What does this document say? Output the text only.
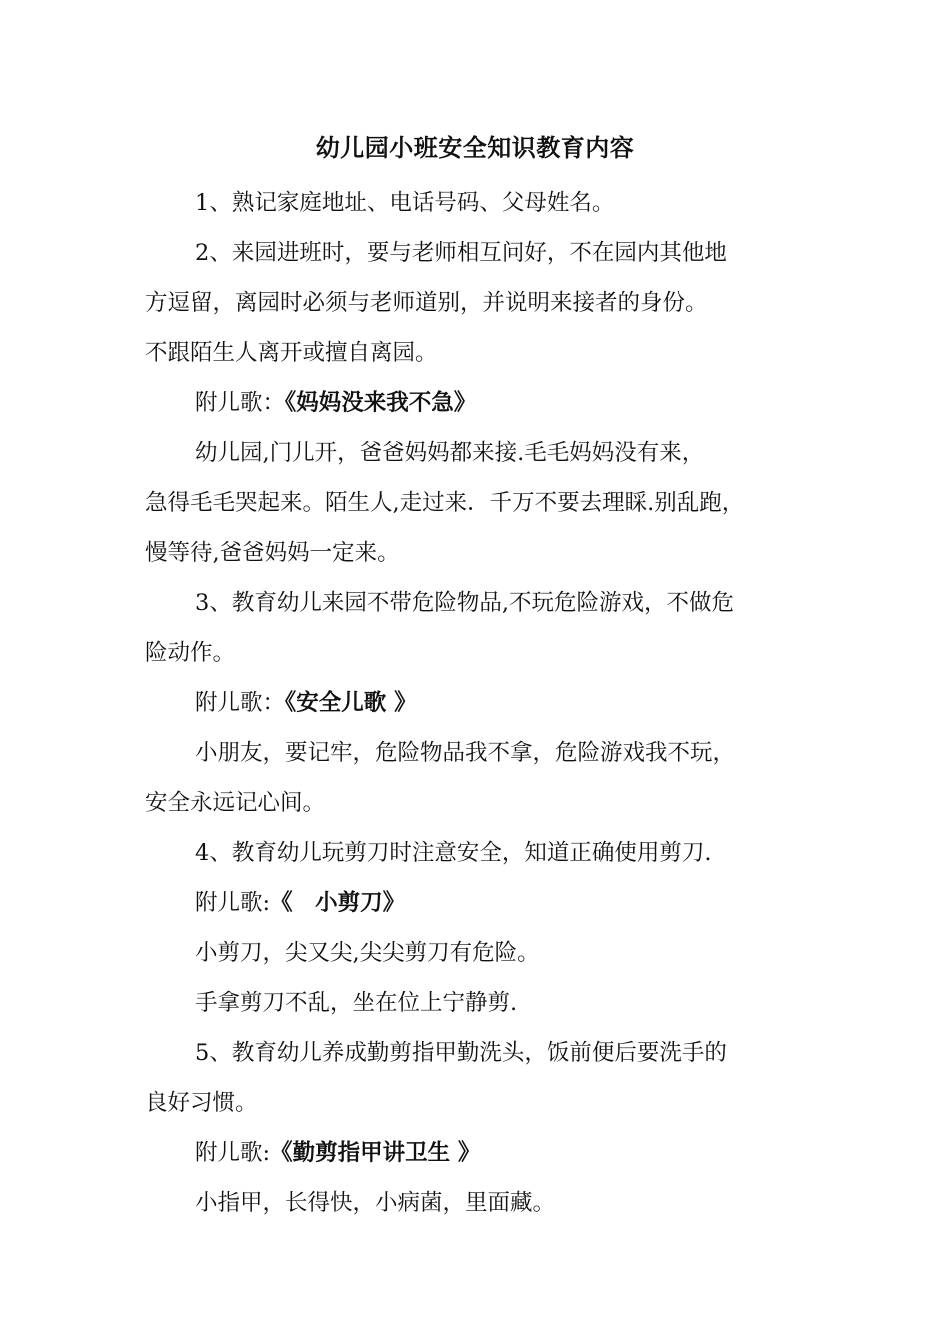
幼儿园小班安全知识教育内容

1、熟记家庭地址、电话号码、父母姓名。

2、来园进班时，要与老师相互问好，不在园内其他地

方逗留，离园时必须与老师道别，并说明来接者的身份。

不跟陌生人离开或擅自离园。

附儿歌：《妈妈没来我不急》

幼儿园,门儿开，爸爸妈妈都来接.毛毛妈妈没有来，

急得毛毛哭起来。陌生人,走过来．千万不要去理睬.别乱跑，

慢等待,爸爸妈妈一定来。

3、教育幼儿来园不带危险物品,不玩危险游戏，不做危

险动作。

附儿歌：《安全儿歌 》

小朋友，要记牢，危险物品我不拿，危险游戏我不玩，

安全永远记心间。

4、教育幼儿玩剪刀时注意安全，知道正确使用剪刀.

附儿歌:《　小剪刀》

小剪刀，尖又尖,尖尖剪刀有危险。

手拿剪刀不乱，坐在位上宁静剪.

5、教育幼儿养成勤剪指甲勤洗头，饭前便后要洗手的

良好习惯。

附儿歌:《勤剪指甲讲卫生 》

小指甲，长得快，小病菌，里面藏。
